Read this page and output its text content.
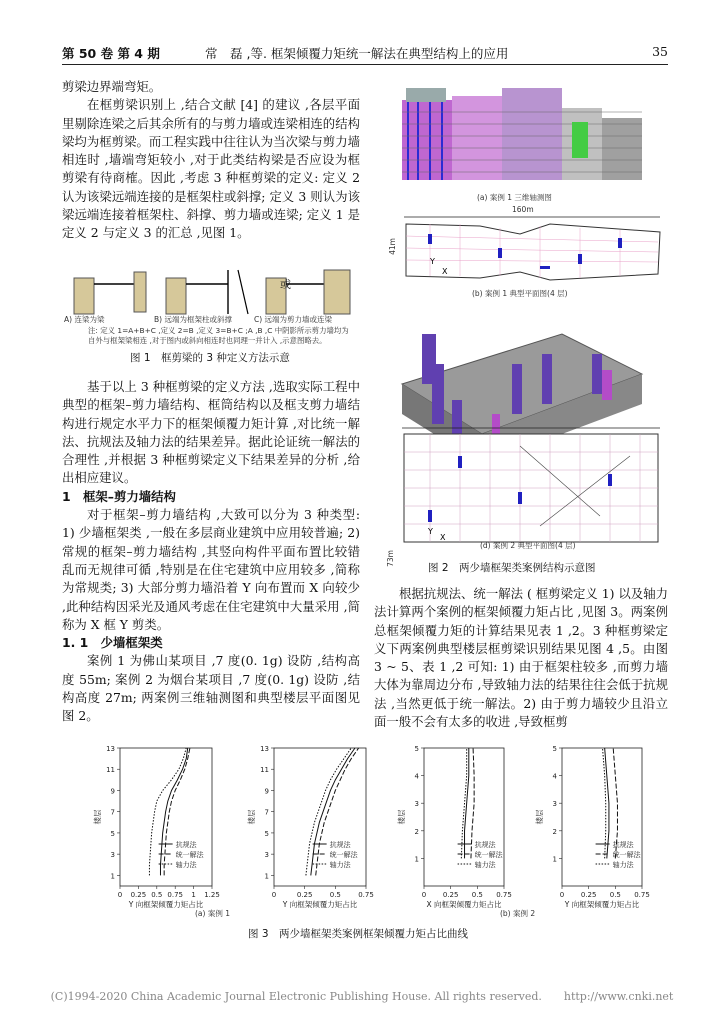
第 50 卷 第 4 期	常　磊 ,等. 框架倾覆力矩统一解法在典型结构上的应用	35

剪梁边界端弯矩。

在框剪梁识别上 ,结合文献 [4] 的建议 ,各层平面里剔除连梁之后其余所有的与剪力墙或连梁相连的结构梁均为框剪梁。而工程实践中往往认为当次梁与剪力墙相连时 ,墙端弯矩较小 ,对于此类结构梁是否应设为框剪梁有待商榷。因此 ,考虑 3 种框剪梁的定义: 定义 2 认为该梁远端连接的是框架柱或斜撑; 定义 3 则认为该梁远端连接着框架柱、斜撑、剪力墙或连梁; 定义 1 是定义 2 与定义 3 的汇总 ,见图 1。

或
A) 连梁为梁	B) 远端为框架柱或斜撑	C) 远端为剪力墙或连梁
注: 定义 1=A+B+C ,定义 2=B ,定义 3=B+C ;A ,B ,C 中阴影所示剪力墙均为自外与框架梁相连 ,对于图内或斜向相连时也同理一并计入 ,示意图略去。
图 1　框剪梁的 3 种定义方法示意

基于以上 3 种框剪梁的定义方法 ,选取实际工程中典型的框架–剪力墙结构、框筒结构以及框支剪力墙结构进行规定水平力下的框架倾覆力矩计算 ,对比统一解法、抗规法及轴力法的结果差异。据此论证统一解法的合理性 ,并根据 3 种框剪梁定义下结果差异的分析 ,给出相应建议。

1　框架–剪力墙结构

对于框架–剪力墙结构 ,大致可以分为 3 种类型: 1) 少墙框架类 ,一般在多层商业建筑中应用较普遍; 2) 常规的框架–剪力墙结构 ,其竖向构件平面布置比较错乱而无规律可循 ,特别是在住宅建筑中应用较多 ,简称为常规类; 3) 大部分剪力墙沿着 Y 向布置而 X 向较少 ,此种结构因采光及通风考虑在住宅建筑中大量采用 ,简称为 X 框 Y 剪类。

1. 1　少墙框架类

案例 1 为佛山某项目 ,7 度(0. 1g) 设防 ,结构高度 55m; 案例 2 为烟台某项目 ,7 度(0. 1g) 设防 ,结构高度 27m; 两案例三维轴测图和典型楼层平面图见图 2。

(a) 案例 1 三维轴测图
160m
41m
Y
X
(b) 案例 1 典型平面图(4 层)
73m
Y
X
(d) 案例 2 典型平面图(4 层)
图 2　两少墙框架类案例结构示意图
根据抗规法、统一解法 ( 框剪梁定义 1) 以及轴力法计算两个案例的框架倾覆力矩占比 ,见图 3。两案例总框架倾覆力矩的计算结果见表 1 ,2。3 种框剪梁定义下两案例典型楼层框剪梁识别结果见图 4 ,5。由图 3 ~ 5、表 1 ,2 可知: 1) 由于框架柱较多 ,而剪力墙大体为靠周边分布 ,导致轴力法的结果往往会低于抗规法 ,当然更低于统一解法。2) 由于剪力墙较少且沿立面一般不会有太多的收进 ,导致框剪
1
3
5
7
9
11
13
0 0.25 0.5 0.75 1 1.25
楼层
Y 向框架倾覆力矩占比
抗规法
统一解法
轴力法
1
3
5
7
9
11
13
0	0.25 0.5 0.75
楼层
Y 向框架倾覆力矩占比
抗规法
统一解法
轴力法
1
2
3
4
5
0 0.25 0.5 0.75
楼层
X 向框架倾覆力矩占比
抗规法
统一解法
轴力法
1
2
3
4
5
0 0.25 0.5 0.75
楼层
Y 向框架倾覆力矩占比
抗规法
统一解法
轴力法
(a) 案例 1	(b) 案例 2
图 3　两少墙框架类案例框架倾覆力矩占比曲线
(C)1994-2020 China Academic Journal Electronic Publishing House. All rights reserved.　　http://www.cnki.net
